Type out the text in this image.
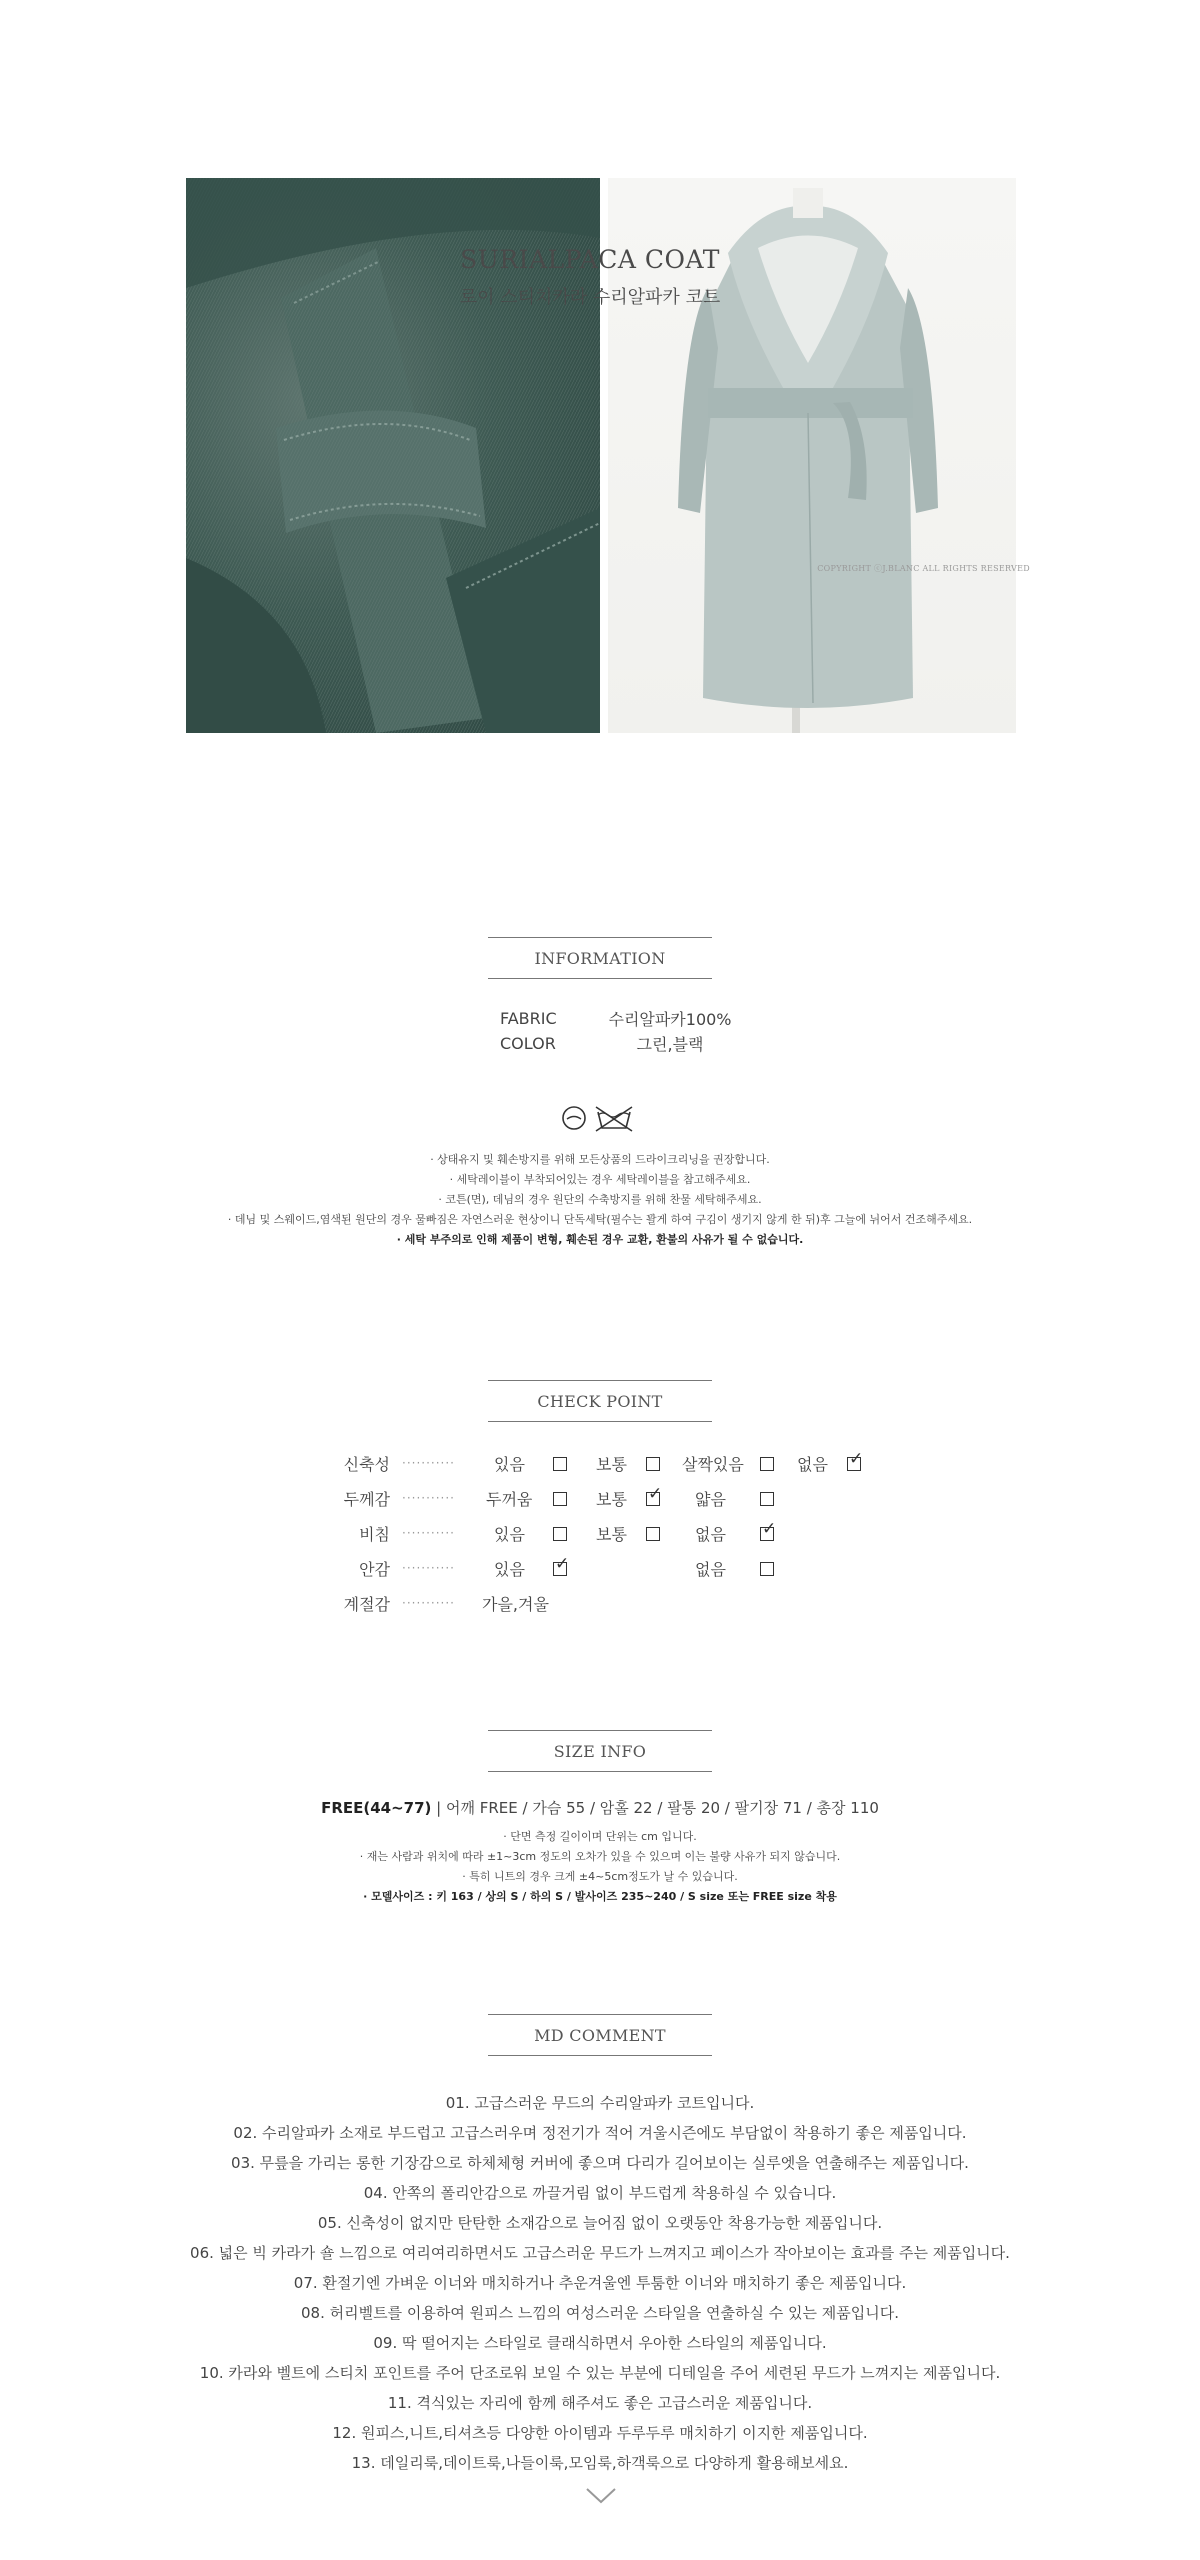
SURIALPACA COAT
로이 스티치카라 수리알파카 코트
COPYRIGHT ⓒJ.BLANC ALL RIGHTS RESERVED
INFORMATION
FABRIC	수리알파카100%
COLOR	그린,블랙
· 상태유지 및 훼손방지를 위해 모든상품의 드라이크리닝을 권장합니다.
· 세탁레이블이 부착되어있는 경우 세탁레이블을 참고해주세요.
· 코튼(면), 데님의 경우 원단의 수축방지를 위해 찬물 세탁해주세요.
· 데님 및 스웨이드,염색된 원단의 경우 물빠짐은 자연스러운 현상이니 단독세탁(필수는 꽐게 하여 구김이 생기지 않게 한 뒤)후 그늘에 뉘어서 건조해주세요.
· 세탁 부주의로 인해 제품이 변형, 훼손된 경우 교환, 환불의 사유가 될 수 없습니다.
CHECK POINT
신축성 ··········· 있음	보통	살짝있음	없음 ✓
두께감 ··········· 두꺼움	보통 ✓ 얇음
비침 ··········· 있음	보통	없음 ✓
안감 ··········· 있음 ✓	없음
계절감 ··········· 가을,겨울
SIZE INFO
FREE(44~77) | 어깨 FREE / 가슴 55 / 암홀 22 / 팔통 20 / 팔기장 71 / 총장 110
· 단면 측정 길이이며 단위는 cm 입니다.
· 재는 사람과 위치에 따라 ±1~3cm 정도의 오차가 있을 수 있으며 이는 불량 사유가 되지 않습니다.
· 특히 니트의 경우 크게 ±4~5cm정도가 날 수 있습니다.
· 모델사이즈 : 키 163 / 상의 S / 하의 S / 발사이즈 235~240 / S size 또는 FREE size 착용
MD COMMENT
01. 고급스러운 무드의 수리알파카 코트입니다.
02. 수리알파카 소재로 부드럽고 고급스러우며 정전기가 적어 겨울시즌에도 부담없이 착용하기 좋은 제품입니다.
03. 무릎을 가리는 롱한 기장감으로 하체체형 커버에 좋으며 다리가 길어보이는 실루엣을 연출해주는 제품입니다.
04. 안쪽의 폴리안감으로 까끌거림 없이 부드럽게 착용하실 수 있습니다.
05. 신축성이 없지만 탄탄한 소재감으로 늘어짐 없이 오랫동안 착용가능한 제품입니다.
06. 넓은 빅 카라가 숄 느낌으로 여리여리하면서도 고급스러운 무드가 느껴지고 페이스가 작아보이는 효과를 주는 제품입니다.
07. 환절기엔 가벼운 이너와 매치하거나 추운겨울엔 투툼한 이너와 매치하기 좋은 제품입니다.
08. 허리벨트를 이용하여 원피스 느낌의 여성스러운 스타일을 연출하실 수 있는 제품입니다.
09. 딱 떨어지는 스타일로 클래식하면서 우아한 스타일의 제품입니다.
10. 카라와 벨트에 스티치 포인트를 주어 단조로워 보일 수 있는 부분에 디테일을 주어 세련된 무드가 느껴지는 제품입니다.
11. 격식있는 자리에 함께 해주셔도 좋은 고급스러운 제품입니다.
12. 원피스,니트,티셔츠등 다양한 아이템과 두루두루 매치하기 이지한 제품입니다.
13. 데일리룩,데이트룩,나들이룩,모임룩,하객룩으로 다양하게 활용해보세요.
